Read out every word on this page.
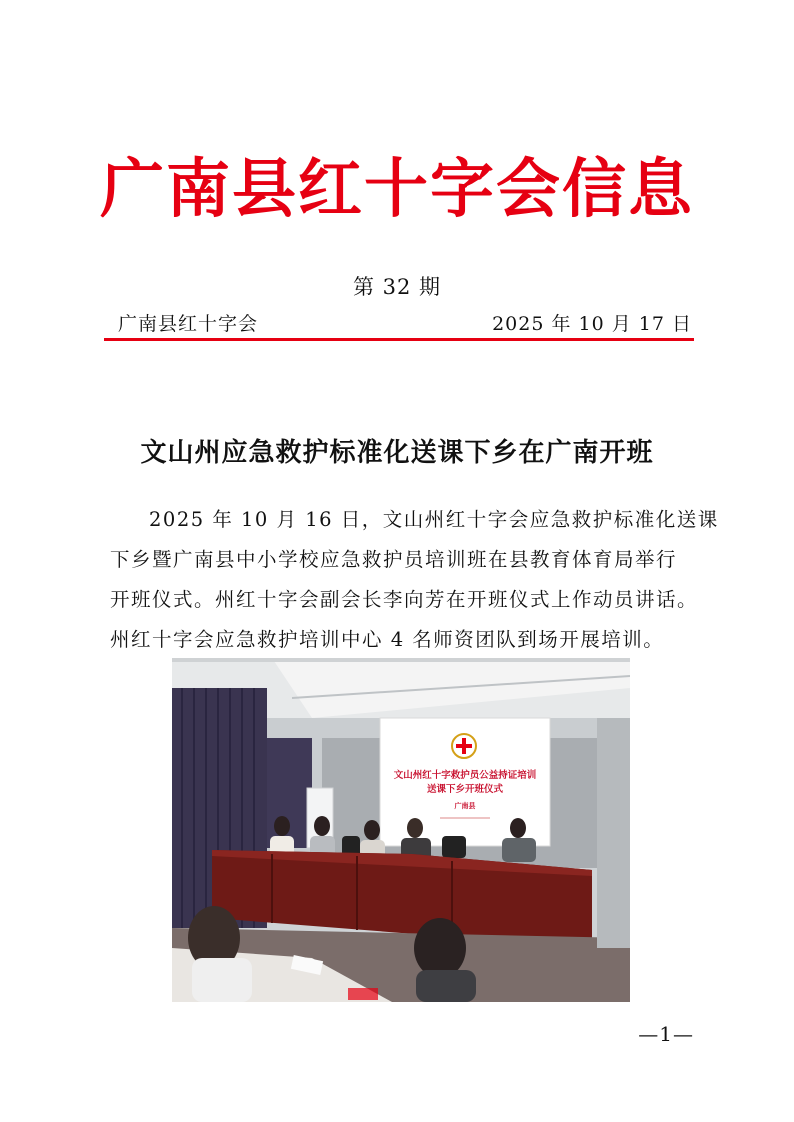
广南县红十字会信息
第 32 期
广南县红十字会	2025 年 10 月 17 日
文山州应急救护标准化送课下乡在广南开班

2025 年 10 月 16 日，文山州红十字会应急救护标准化送课
下乡暨广南县中小学校应急救护员培训班在县教育体育局举行
开班仪式。州红十字会副会长李向芳在开班仪式上作动员讲话。
州红十字会应急救护培训中心 4 名师资团队到场开展培训。

文山州红十字救护员公益持证培训
送课下乡开班仪式
广南县
—1—
